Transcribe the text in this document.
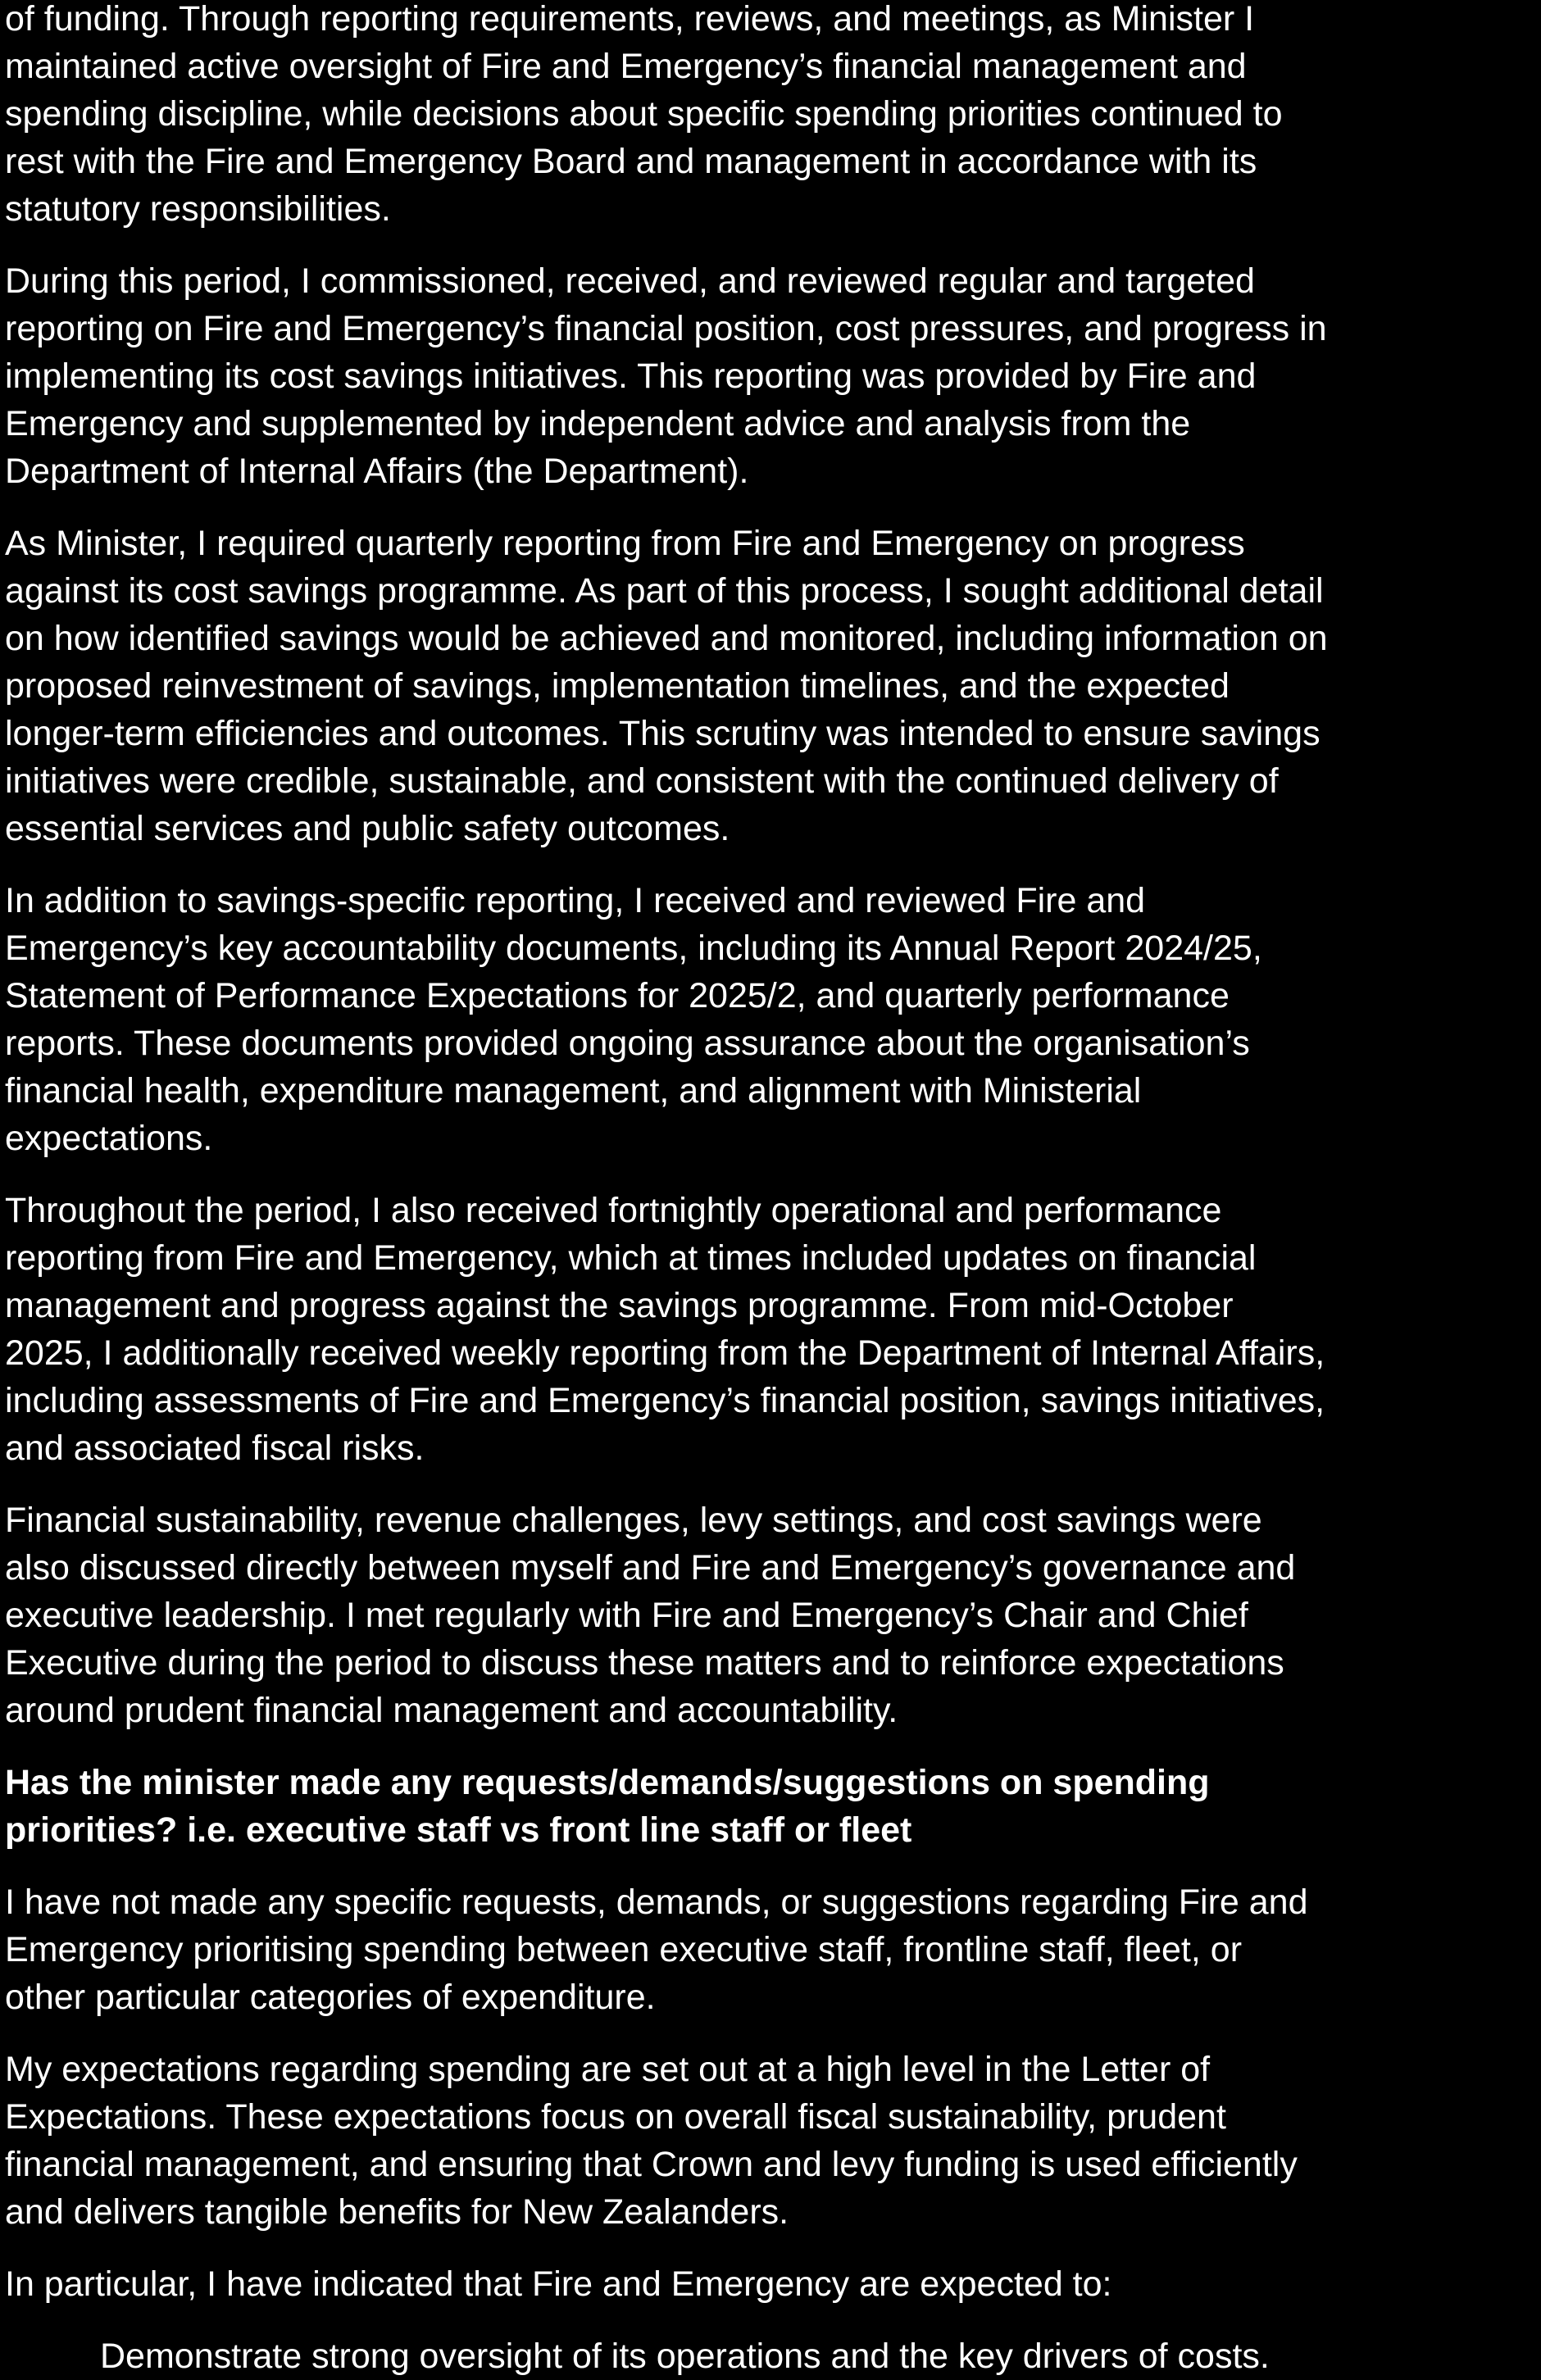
of funding. Through reporting requirements, reviews, and meetings, as Minister I
maintained active oversight of Fire and Emergency’s financial management and
spending discipline, while decisions about specific spending priorities continued to
rest with the Fire and Emergency Board and management in accordance with its
statutory responsibilities.
During this period, I commissioned, received, and reviewed regular and targeted
reporting on Fire and Emergency’s financial position, cost pressures, and progress in
implementing its cost savings initiatives. This reporting was provided by Fire and
Emergency and supplemented by independent advice and analysis from the
Department of Internal Affairs (the Department).
As Minister, I required quarterly reporting from Fire and Emergency on progress
against its cost savings programme. As part of this process, I sought additional detail
on how identified savings would be achieved and monitored, including information on
proposed reinvestment of savings, implementation timelines, and the expected
longer-term efficiencies and outcomes. This scrutiny was intended to ensure savings
initiatives were credible, sustainable, and consistent with the continued delivery of
essential services and public safety outcomes.
In addition to savings-specific reporting, I received and reviewed Fire and
Emergency’s key accountability documents, including its Annual Report 2024/25,
Statement of Performance Expectations for 2025/2, and quarterly performance
reports. These documents provided ongoing assurance about the organisation’s
financial health, expenditure management, and alignment with Ministerial
expectations.
Throughout the period, I also received fortnightly operational and performance
reporting from Fire and Emergency, which at times included updates on financial
management and progress against the savings programme. From mid-October
2025, I additionally received weekly reporting from the Department of Internal Affairs,
including assessments of Fire and Emergency’s financial position, savings initiatives,
and associated fiscal risks.
Financial sustainability, revenue challenges, levy settings, and cost savings were
also discussed directly between myself and Fire and Emergency’s governance and
executive leadership. I met regularly with Fire and Emergency’s Chair and Chief
Executive during the period to discuss these matters and to reinforce expectations
around prudent financial management and accountability.
Has the minister made any requests/demands/suggestions on spending
priorities? i.e. executive staff vs front line staff or fleet
I have not made any specific requests, demands, or suggestions regarding Fire and
Emergency prioritising spending between executive staff, frontline staff, fleet, or
other particular categories of expenditure.
My expectations regarding spending are set out at a high level in the Letter of
Expectations. These expectations focus on overall fiscal sustainability, prudent
financial management, and ensuring that Crown and levy funding is used efficiently
and delivers tangible benefits for New Zealanders.
In particular, I have indicated that Fire and Emergency are expected to:
Demonstrate strong oversight of its operations and the key drivers of costs.
